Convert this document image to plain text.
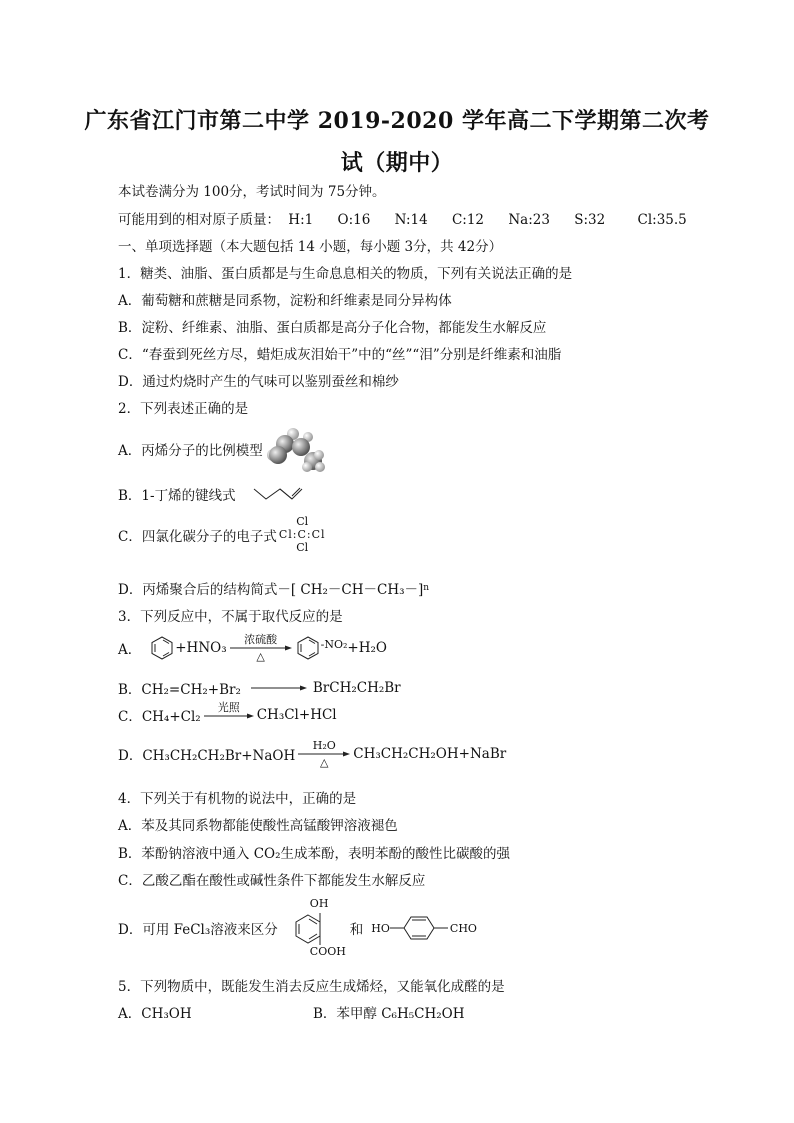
广东省江门市第二中学 2019-2020 学年高二下学期第二次考
试（期中）
本试卷满分为 100分，考试时间为 75分钟。
可能用到的相对原子质量： H:1 O:16 N:14 C:12 Na:23 S:32 Cl:35.5
一、单项选择题（本大题包括 14 小题，每小题 3分，共 42分）
1．糖类、油脂、蛋白质都是与生命息息相关的物质，下列有关说法正确的是
A．葡萄糖和蔗糖是同系物，淀粉和纤维素是同分异构体
B．淀粉、纤维素、油脂、蛋白质都是高分子化合物，都能发生水解反应
C．“春蚕到死丝方尽，蜡炬成灰泪始干”中的“丝”“泪”分别是纤维素和油脂
D．通过灼烧时产生的气味可以鉴别蚕丝和棉纱
2．下列表述正确的是
A．丙烯分子的比例模型
B．1-丁烯的键线式
C．四氯化碳分子的电子式
Cl
Cl:C:Cl
Cl
D．丙烯聚合后的结构简式 －[ CH₂－CH－CH₃－] n
3．下列反应中，不属于取代反应的是
A．	+HNO₃
浓硫酸
△
-NO₂ +H₂O
B．CH₂=CH₂+Br₂	BrCH₂CH₂Br
C．CH₄+Cl₂
光照 CH₃Cl+HCl
D．CH₃CH₂CH₂Br+NaOH
H₂O
△
CH₃CH₂CH₂OH+NaBr
4．下列关于有机物的说法中，正确的是
A．苯及其同系物都能使酸性高锰酸钾溶液褪色
B．苯酚钠溶液中通入 CO₂生成苯酚，表明苯酚的酸性比碳酸的强
C．乙酸乙酯在酸性或碱性条件下都能发生水解反应
D．可用 FeCl₃溶液来区分
OH
COOH
和 HO	CHO
5．下列物质中，既能发生消去反应生成烯烃，又能氧化成醛的是
A．CH₃OH	B．苯甲醇 C₆H₅CH₂OH
